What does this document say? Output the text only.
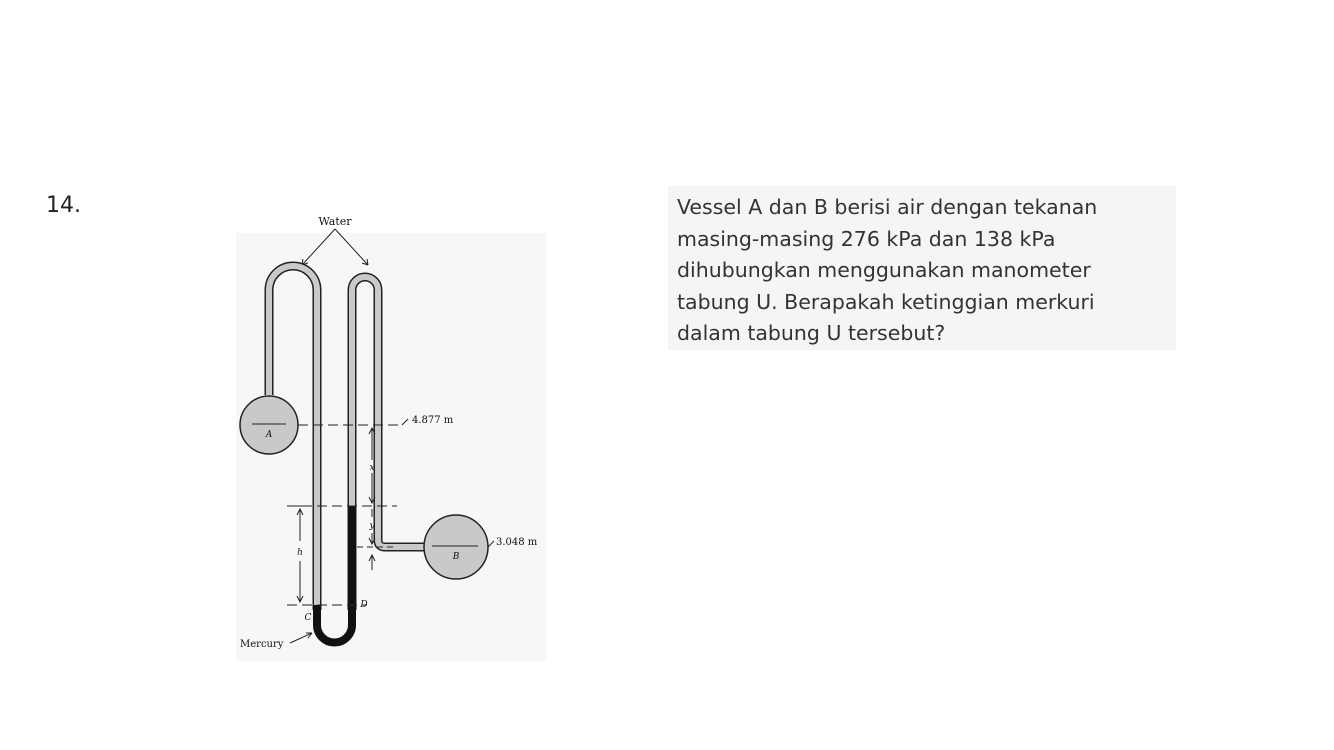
14.
Water
A
B
4.877 m
3.048 m
x
y
h
C
D
Mercury

Vessel A dan B berisi air dengan tekanan
masing-masing 276 kPa dan 138 kPa
dihubungkan menggunakan manometer
tabung U. Berapakah ketinggian merkuri
dalam tabung U tersebut?
